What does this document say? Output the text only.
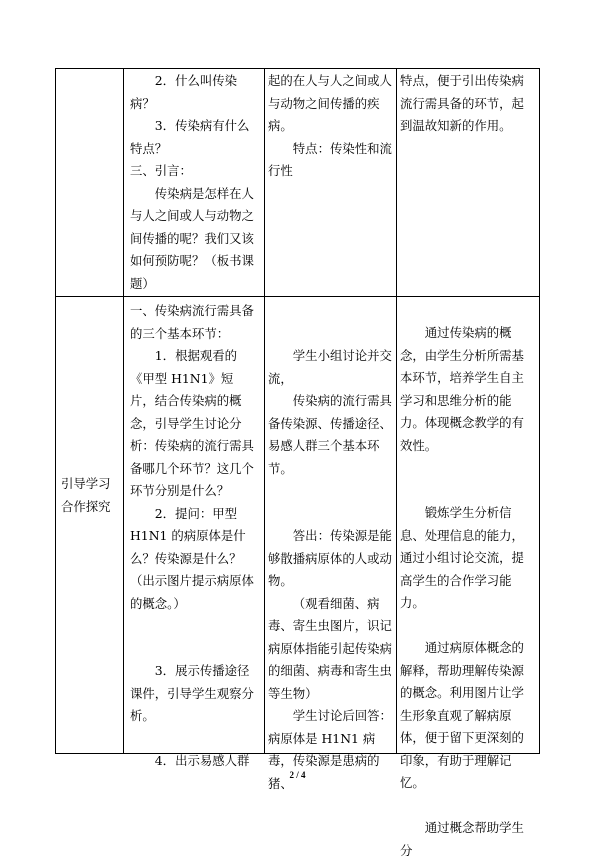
2．什么叫传染病？

3．传染病有什么特点？

三、引言：

传染病是怎样在人与人之间或人与动物之间传播的呢？我们又该如何预防呢？（板书课题）

起的在人与人之间或人与动物之间传播的疾病。

特点：传染性和流行性

特点，便于引出传染病流行需具备的环节，起到温故知新的作用。

引导学习

合作探究

一、传染病流行需具备的三个基本环节：

1．根据观看的《甲型 H1N1》短片，结合传染病的概念，引导学生讨论分析：传染病的流行需具备哪几个环节？这几个环节分别是什么？

2．提问：甲型 H1N1 的病原体是什么？传染源是什么？（出示图片提示病原体的概念。）

3．展示传播途径课件，引导学生观察分析。

4．出示易感人群

学生小组讨论并交流，

传染病的流行需具备传染源、传播途径、易感人群三个基本环节。

答出：传染源是能够散播病原体的人或动物。

（观看细菌、病毒、寄生虫图片，识记病原体指能引起传染病的细菌、病毒和寄生虫等生物）

学生讨论后回答：病原体是 H1N1 病毒，传染源是患病的猪、

通过传染病的概念，由学生分析所需基本环节，培养学生自主学习和思维分析的能力。体现概念教学的有效性。

锻炼学生分析信息、处理信息的能力，通过小组讨论交流，提高学生的合作学习能力。

通过病原体概念的解释，帮助理解传染源的概念。利用图片让学生形象直观了解病原体，便于留下更深刻的印象，有助于理解记忆。

通过概念帮助学生分

2 / 4
